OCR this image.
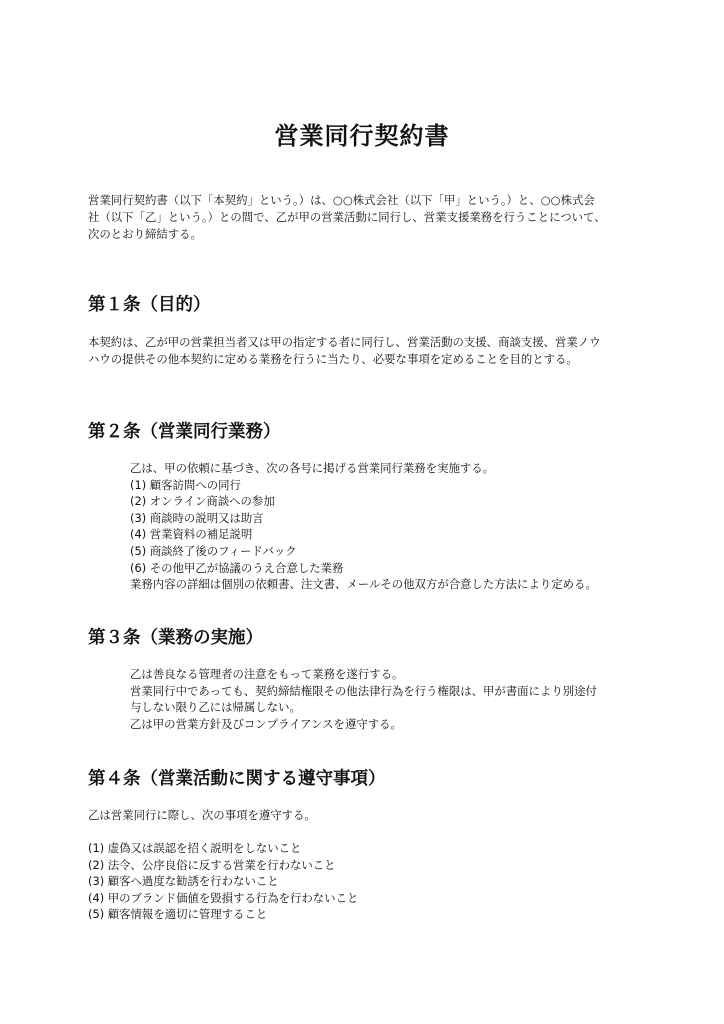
営業同行契約書
営業同行契約書（以下「本契約」という。）は、○○株式会社（以下「甲」という。）と、○○株式会
社（以下「乙」という。）との間で、乙が甲の営業活動に同行し、営業支援業務を行うことについて、
次のとおり締結する。
第１条（目的）
本契約は、乙が甲の営業担当者又は甲の指定する者に同行し、営業活動の支援、商談支援、営業ノウ
ハウの提供その他本契約に定める業務を行うに当たり、必要な事項を定めることを目的とする。
第２条（営業同行業務）
乙は、甲の依頼に基づき、次の各号に掲げる営業同行業務を実施する。
(1) 顧客訪問への同行
(2) オンライン商談への参加
(3) 商談時の説明又は助言
(4) 営業資料の補足説明
(5) 商談終了後のフィードバック
(6) その他甲乙が協議のうえ合意した業務
業務内容の詳細は個別の依頼書、注文書、メールその他双方が合意した方法により定める。
第３条（業務の実施）
乙は善良なる管理者の注意をもって業務を遂行する。
営業同行中であっても、契約締結権限その他法律行為を行う権限は、甲が書面により別途付
与しない限り乙には帰属しない。
乙は甲の営業方針及びコンプライアンスを遵守する。
第４条（営業活動に関する遵守事項）
乙は営業同行に際し、次の事項を遵守する。
(1) 虚偽又は誤認を招く説明をしないこと
(2) 法令、公序良俗に反する営業を行わないこと
(3) 顧客へ過度な勧誘を行わないこと
(4) 甲のブランド価値を毀損する行為を行わないこと
(5) 顧客情報を適切に管理すること
